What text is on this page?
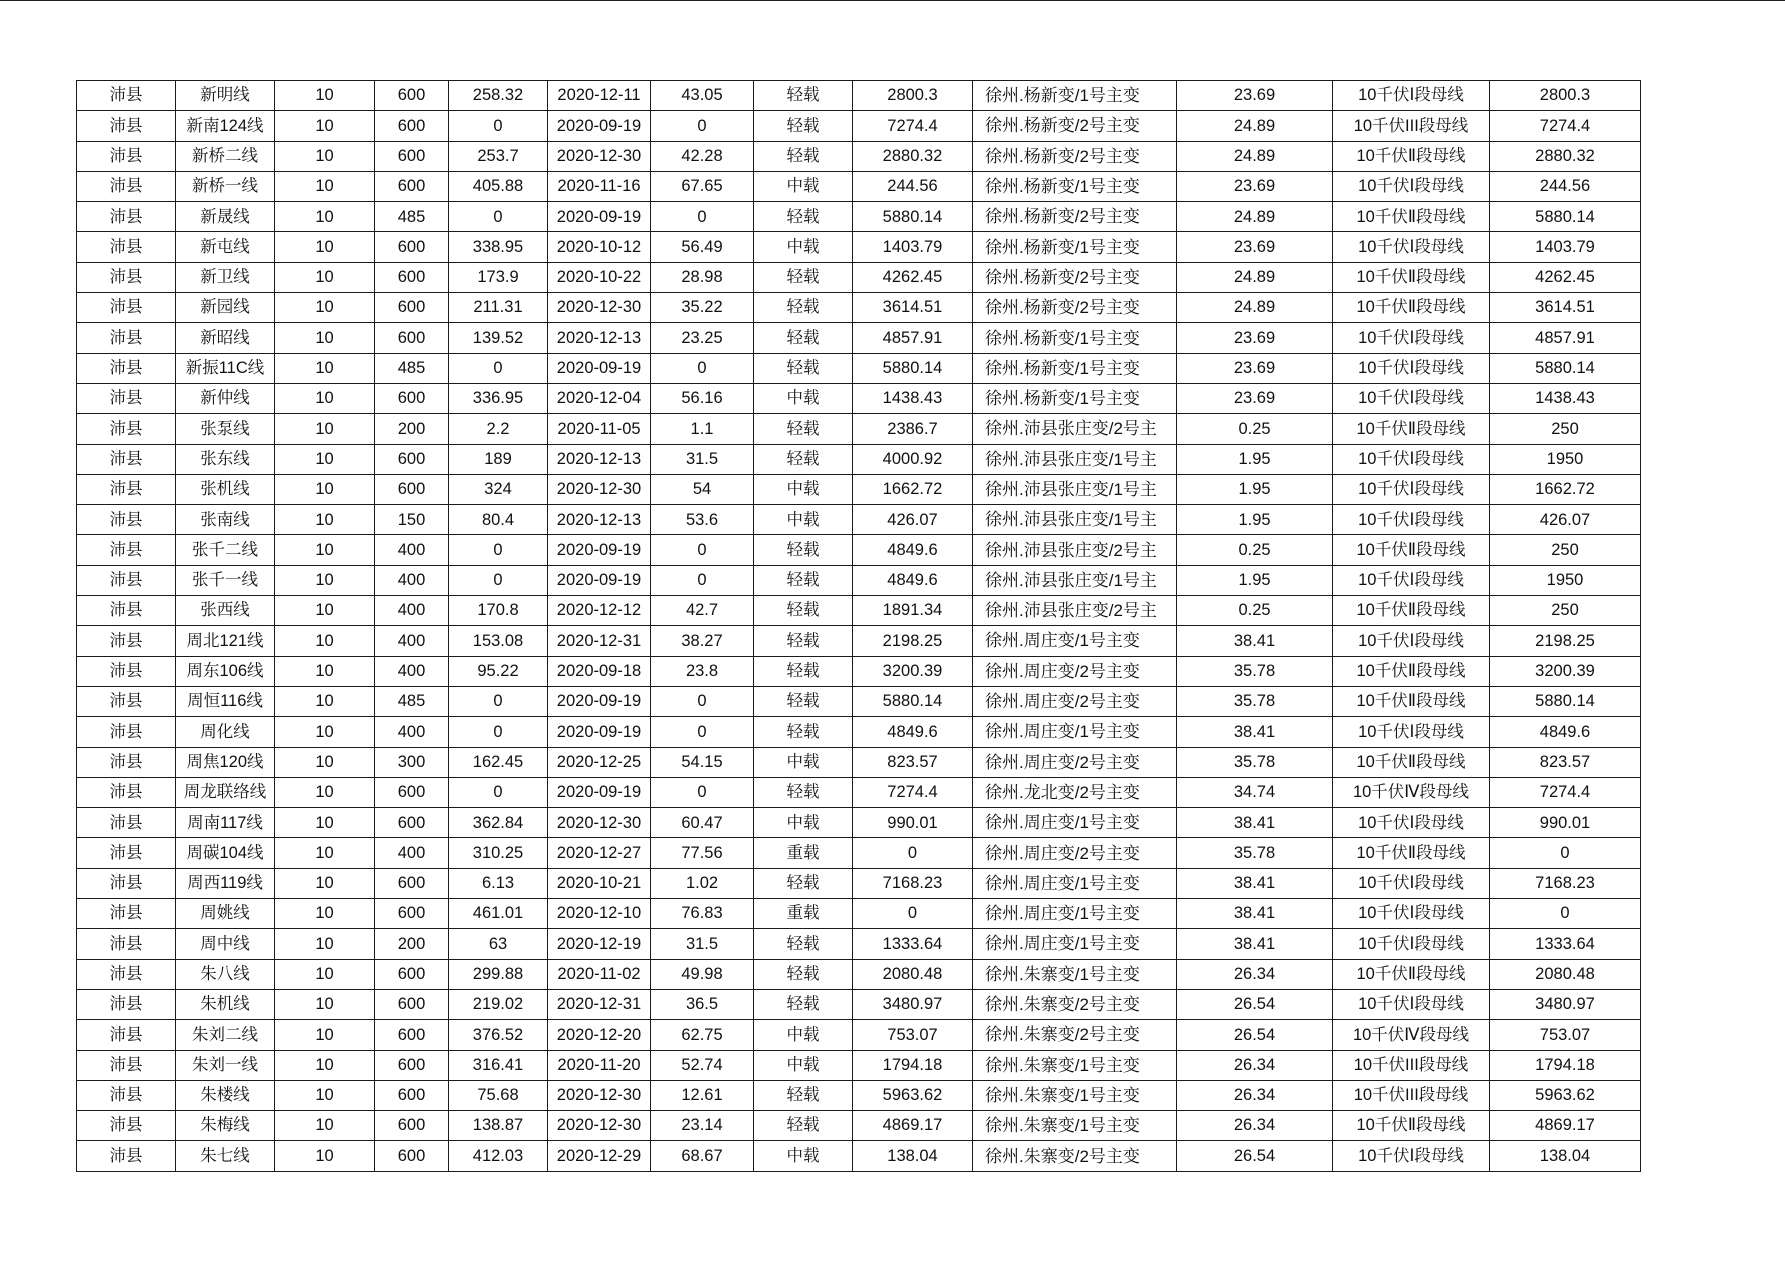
沛县	新明线	10	600	258.32	2020-12-11	43.05	轻载	2800.3	徐州.杨新变/1号主变	23.69	10千伏Ⅰ段母线	2800.3
沛县	新南124线	10	600	0	2020-09-19	0	轻载	7274.4	徐州.杨新变/2号主变	24.89	10千伏III段母线	7274.4
沛县	新桥二线	10	600	253.7	2020-12-30	42.28	轻载	2880.32	徐州.杨新变/2号主变	24.89	10千伏Ⅱ段母线	2880.32
沛县	新桥一线	10	600	405.88	2020-11-16	67.65	中载	244.56	徐州.杨新变/1号主变	23.69	10千伏Ⅰ段母线	244.56
沛县	新晟线	10	485	0	2020-09-19	0	轻载	5880.14	徐州.杨新变/2号主变	24.89	10千伏Ⅱ段母线	5880.14
沛县	新屯线	10	600	338.95	2020-10-12	56.49	中载	1403.79	徐州.杨新变/1号主变	23.69	10千伏Ⅰ段母线	1403.79
沛县	新卫线	10	600	173.9	2020-10-22	28.98	轻载	4262.45	徐州.杨新变/2号主变	24.89	10千伏Ⅱ段母线	4262.45
沛县	新园线	10	600	211.31	2020-12-30	35.22	轻载	3614.51	徐州.杨新变/2号主变	24.89	10千伏Ⅱ段母线	3614.51
沛县	新昭线	10	600	139.52	2020-12-13	23.25	轻载	4857.91	徐州.杨新变/1号主变	23.69	10千伏Ⅰ段母线	4857.91
沛县	新振11C线	10	485	0	2020-09-19	0	轻载	5880.14	徐州.杨新变/1号主变	23.69	10千伏Ⅰ段母线	5880.14
沛县	新仲线	10	600	336.95	2020-12-04	56.16	中载	1438.43	徐州.杨新变/1号主变	23.69	10千伏Ⅰ段母线	1438.43
沛县	张泵线	10	200	2.2	2020-11-05	1.1	轻载	2386.7	徐州.沛县张庄变/2号主	0.25	10千伏Ⅱ段母线	250
沛县	张东线	10	600	189	2020-12-13	31.5	轻载	4000.92	徐州.沛县张庄变/1号主	1.95	10千伏Ⅰ段母线	1950
沛县	张机线	10	600	324	2020-12-30	54	中载	1662.72	徐州.沛县张庄变/1号主	1.95	10千伏Ⅰ段母线	1662.72
沛县	张南线	10	150	80.4	2020-12-13	53.6	中载	426.07	徐州.沛县张庄变/1号主	1.95	10千伏Ⅰ段母线	426.07
沛县	张千二线	10	400	0	2020-09-19	0	轻载	4849.6	徐州.沛县张庄变/2号主	0.25	10千伏Ⅱ段母线	250
沛县	张千一线	10	400	0	2020-09-19	0	轻载	4849.6	徐州.沛县张庄变/1号主	1.95	10千伏Ⅰ段母线	1950
沛县	张西线	10	400	170.8	2020-12-12	42.7	轻载	1891.34	徐州.沛县张庄变/2号主	0.25	10千伏Ⅱ段母线	250
沛县	周北121线	10	400	153.08	2020-12-31	38.27	轻载	2198.25	徐州.周庄变/1号主变	38.41	10千伏Ⅰ段母线	2198.25
沛县	周东106线	10	400	95.22	2020-09-18	23.8	轻载	3200.39	徐州.周庄变/2号主变	35.78	10千伏Ⅱ段母线	3200.39
沛县	周恒116线	10	485	0	2020-09-19	0	轻载	5880.14	徐州.周庄变/2号主变	35.78	10千伏Ⅱ段母线	5880.14
沛县	周化线	10	400	0	2020-09-19	0	轻载	4849.6	徐州.周庄变/1号主变	38.41	10千伏Ⅰ段母线	4849.6
沛县	周焦120线	10	300	162.45	2020-12-25	54.15	中载	823.57	徐州.周庄变/2号主变	35.78	10千伏Ⅱ段母线	823.57
沛县	周龙联络线	10	600	0	2020-09-19	0	轻载	7274.4	徐州.龙北变/2号主变	34.74	10千伏Ⅳ段母线	7274.4
沛县	周南117线	10	600	362.84	2020-12-30	60.47	中载	990.01	徐州.周庄变/1号主变	38.41	10千伏Ⅰ段母线	990.01
沛县	周碳104线	10	400	310.25	2020-12-27	77.56	重载	0	徐州.周庄变/2号主变	35.78	10千伏Ⅱ段母线	0
沛县	周西119线	10	600	6.13	2020-10-21	1.02	轻载	7168.23	徐州.周庄变/1号主变	38.41	10千伏Ⅰ段母线	7168.23
沛县	周姚线	10	600	461.01	2020-12-10	76.83	重载	0	徐州.周庄变/1号主变	38.41	10千伏Ⅰ段母线	0
沛县	周中线	10	200	63	2020-12-19	31.5	轻载	1333.64	徐州.周庄变/1号主变	38.41	10千伏Ⅰ段母线	1333.64
沛县	朱八线	10	600	299.88	2020-11-02	49.98	轻载	2080.48	徐州.朱寨变/1号主变	26.34	10千伏Ⅱ段母线	2080.48
沛县	朱机线	10	600	219.02	2020-12-31	36.5	轻载	3480.97	徐州.朱寨变/2号主变	26.54	10千伏Ⅰ段母线	3480.97
沛县	朱刘二线	10	600	376.52	2020-12-20	62.75	中载	753.07	徐州.朱寨变/2号主变	26.54	10千伏Ⅳ段母线	753.07
沛县	朱刘一线	10	600	316.41	2020-11-20	52.74	中载	1794.18	徐州.朱寨变/1号主变	26.34	10千伏III段母线	1794.18
沛县	朱楼线	10	600	75.68	2020-12-30	12.61	轻载	5963.62	徐州.朱寨变/1号主变	26.34	10千伏III段母线	5963.62
沛县	朱梅线	10	600	138.87	2020-12-30	23.14	轻载	4869.17	徐州.朱寨变/1号主变	26.34	10千伏Ⅱ段母线	4869.17
沛县	朱七线	10	600	412.03	2020-12-29	68.67	中载	138.04	徐州.朱寨变/2号主变	26.54	10千伏Ⅰ段母线	138.04
